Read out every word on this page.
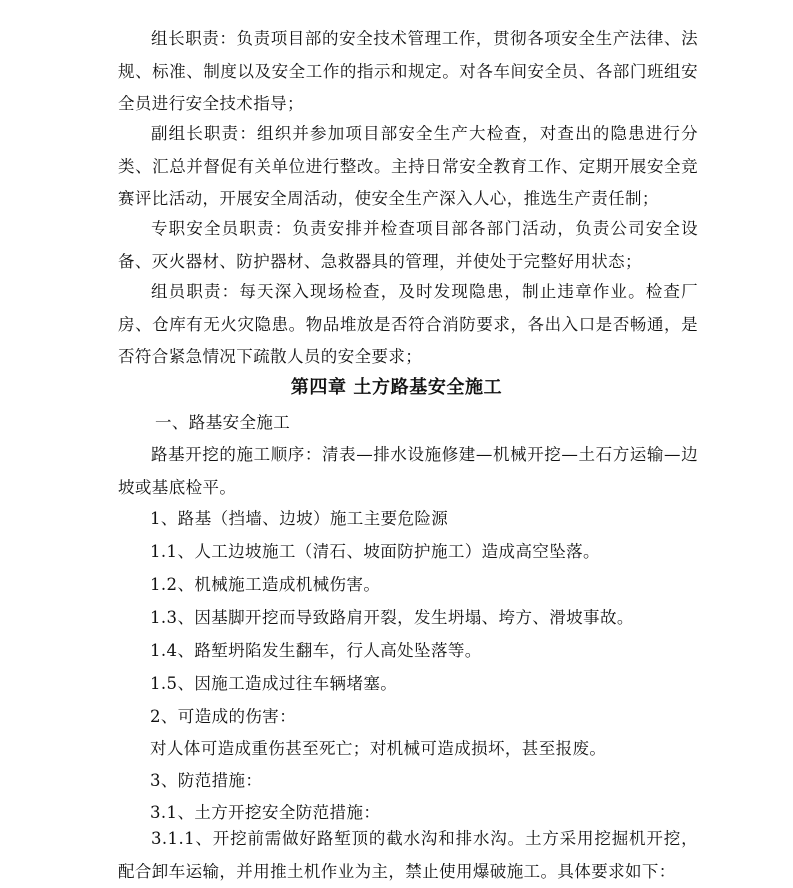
组长职责：负责项目部的安全技术管理工作，贯彻各项安全生产法律、法规、标准、制度以及安全工作的指示和规定。对各车间安全员、各部门班组安全员进行安全技术指导；

副组长职责：组织并参加项目部安全生产大检查，对查出的隐患进行分类、汇总并督促有关单位进行整改。主持日常安全教育工作、定期开展安全竞赛评比活动，开展安全周活动，使安全生产深入人心，推选生产责任制；

专职安全员职责：负责安排并检查项目部各部门活动，负责公司安全设备、灭火器材、防护器材、急救器具的管理，并使处于完整好用状态；

组员职责：每天深入现场检查，及时发现隐患，制止违章作业。检查厂房、仓库有无火灾隐患。物品堆放是否符合消防要求，各出入口是否畅通，是否符合紧急情况下疏散人员的安全要求；

第四章 土方路基安全施工

一、路基安全施工

路基开挖的施工顺序：清表—排水设施修建—机械开挖—土石方运输—边坡或基底检平。

1、路基（挡墙、边坡）施工主要危险源

1.1、人工边坡施工（清石、坡面防护施工）造成高空坠落。

1.2、机械施工造成机械伤害。

1.3、因基脚开挖而导致路肩开裂，发生坍塌、垮方、滑坡事故。

1.4、路堑坍陷发生翻车，行人高处坠落等。

1.5、因施工造成过往车辆堵塞。

2、可造成的伤害：

对人体可造成重伤甚至死亡；对机械可造成损坏，甚至报废。

3、防范措施：

3.1、土方开挖安全防范措施：

3.1.1、开挖前需做好路堑顶的截水沟和排水沟。土方采用挖掘机开挖，配合卸车运输，并用推土机作业为主，禁止使用爆破施工。具体要求如下：
